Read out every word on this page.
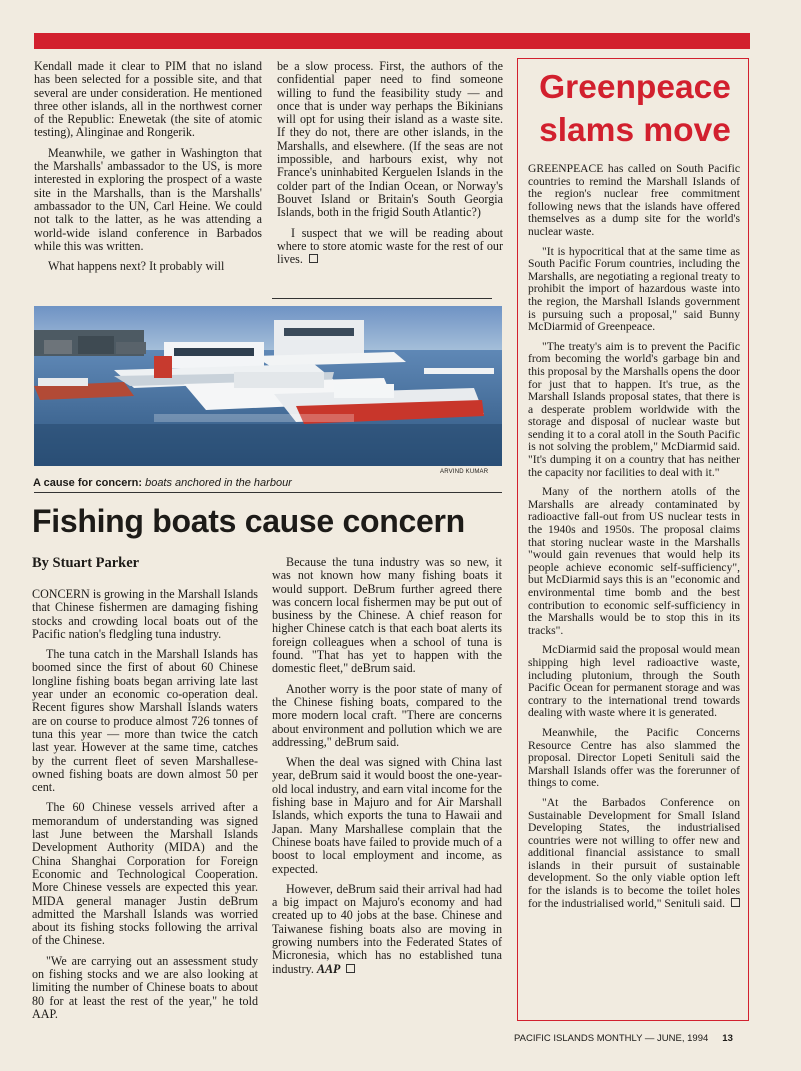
Kendall made it clear to PIM that no island has been selected for a possible site, and that several are under consideration. He mentioned three other islands, all in the northwest corner of the Republic: Enewetak (the site of atomic testing), Alinginae and Rongerik.

Meanwhile, we gather in Washington that the Marshalls' ambassador to the US, is more interested in exploring the prospect of a waste site in the Marshalls, than is the Marshalls' ambassador to the UN, Carl Heine. We could not talk to the latter, as he was attending a world-wide island conference in Barbados while this was written.

What happens next? It probably will

be a slow process. First, the authors of the confidential paper need to find someone willing to fund the feasibility study — and once that is under way perhaps the Bikinians will opt for using their island as a waste site. If they do not, there are other islands, in the Marshalls, and elsewhere. (If the seas are not impossible, and harbours exist, why not France's uninhabited Kerguelen Islands in the colder part of the Indian Ocean, or Norway's Bouvet Island or Britain's South Georgia Islands, both in the frigid South Atlantic?)

I suspect that we will be reading about where to store atomic waste for the rest of our lives.

ARVIND KUMAR
A cause for concern: boats anchored in the harbour
Fishing boats cause concern
By Stuart Parker

CONCERN is growing in the Marshall Islands that Chinese fishermen are damaging fishing stocks and crowding local boats out of the Pacific nation's fledgling tuna industry.

The tuna catch in the Marshall Islands has boomed since the first of about 60 Chinese longline fishing boats began arriving late last year under an economic co-operation deal. Recent figures show Marshall Islands waters are on course to produce almost 726 tonnes of tuna this year — more than twice the catch last year. However at the same time, catches by the current fleet of seven Marshallese-owned fishing boats are down almost 50 per cent.

The 60 Chinese vessels arrived after a memorandum of understanding was signed last June between the Marshall Islands Development Authority (MIDA) and the China Shanghai Corporation for Foreign Economic and Technological Cooperation. More Chinese vessels are expected this year. MIDA general manager Justin deBrum admitted the Marshall Islands was worried about its fishing stocks following the arrival of the Chinese.

"We are carrying out an assessment study on fishing stocks and we are also looking at limiting the number of Chinese boats to about 80 for at least the rest of the year," he told AAP.

Because the tuna industry was so new, it was not known how many fishing boats it would support. DeBrum further agreed there was concern local fishermen may be put out of business by the Chinese. A chief reason for higher Chinese catch is that each boat alerts its foreign colleagues when a school of tuna is found. "That has yet to happen with the domestic fleet," deBrum said.

Another worry is the poor state of many of the Chinese fishing boats, compared to the more modern local craft. "There are concerns about environment and pollution which we are addressing," deBrum said.

When the deal was signed with China last year, deBrum said it would boost the one-year-old local industry, and earn vital income for the fishing base in Majuro and for Air Marshall Islands, which exports the tuna to Hawaii and Japan. Many Marshallese complain that the Chinese boats have failed to provide much of a boost to local employment and income, as expected.

However, deBrum said their arrival had had a big impact on Majuro's economy and had created up to 40 jobs at the base. Chinese and Taiwanese fishing boats also are moving in growing numbers into the Federated States of Micronesia, which has no established tuna industry. AAP

Greenpeace
slams move

GREENPEACE has called on South Pacific countries to remind the Marshall Islands of the region's nuclear free commitment following news that the islands have offered themselves as a dump site for the world's nuclear waste.

"It is hypocritical that at the same time as South Pacific Forum countries, including the Marshalls, are negotiating a regional treaty to prohibit the import of hazardous waste into the region, the Marshall Islands government is pursuing such a proposal," said Bunny McDiarmid of Greenpeace.

"The treaty's aim is to prevent the Pacific from becoming the world's garbage bin and this proposal by the Marshalls opens the door for just that to happen. It's true, as the Marshall Islands proposal states, that there is a desperate problem worldwide with the storage and disposal of nuclear waste but sending it to a coral atoll in the South Pacific is not solving the problem," McDiarmid said. "It's dumping it on a country that has neither the capacity nor facilities to deal with it."

Many of the northern atolls of the Marshalls are already contaminated by radioactive fall-out from US nuclear tests in the 1940s and 1950s. The proposal claims that storing nuclear waste in the Marshalls "would gain revenues that would help its people achieve economic self-sufficiency", but McDiarmid says this is an "economic and environmental time bomb and the best contribution to economic self-sufficiency in the Marshalls would be to stop this in its tracks".

McDiarmid said the proposal would mean shipping high level radioactive waste, including plutonium, through the South Pacific Ocean for permanent storage and was contrary to the international trend towards dealing with waste where it is generated.

Meanwhile, the Pacific Concerns Resource Centre has also slammed the proposal. Director Lopeti Senituli said the Marshall Islands offer was the forerunner of things to come.

"At the Barbados Conference on Sustainable Development for Small Island Developing States, the industrialised countries were not willing to offer new and additional financial assistance to small islands in their pursuit of sustainable development. So the only viable option left for the islands is to become the toilet holes for the industrialised world," Senituli said.

PACIFIC ISLANDS MONTHLY — JUNE, 1994 13
